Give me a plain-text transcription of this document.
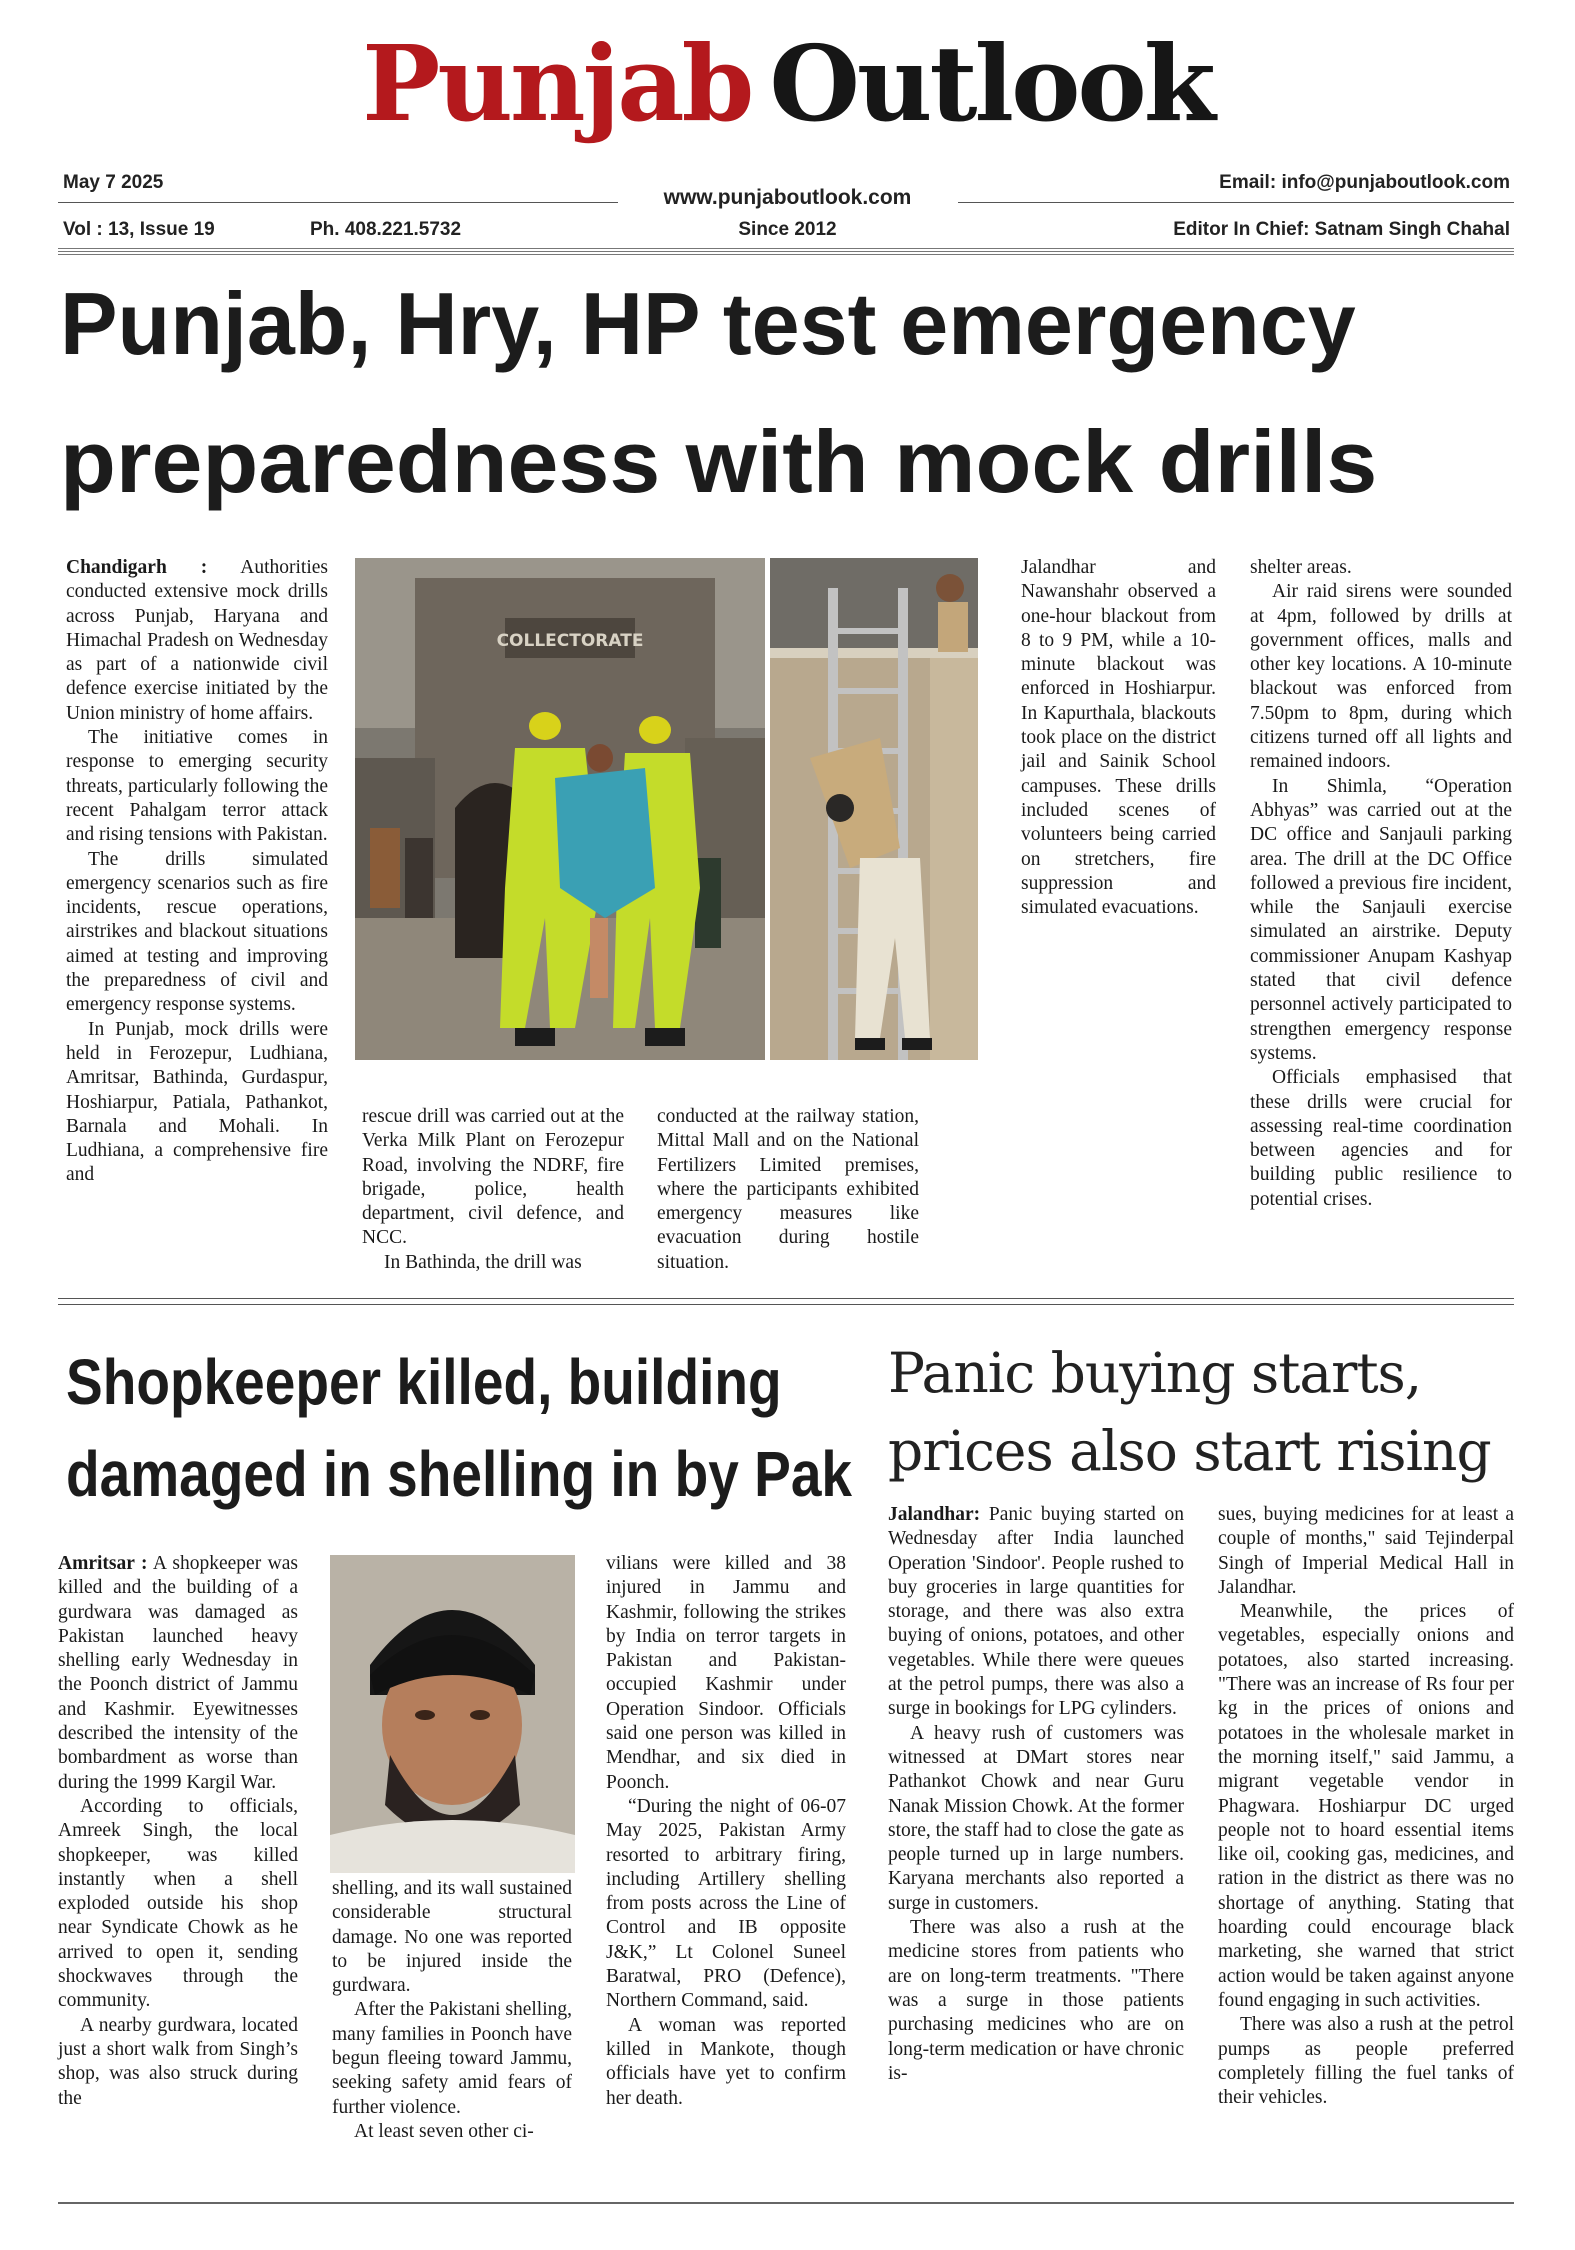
Punjab Outlook
May 7 2025
www.punjaboutlook.com
Email: info@punjaboutlook.com
Vol : 13, Issue 19	Ph. 408.221.5732	Since 2012	Editor In Chief: Satnam Singh Chahal
Punjab, Hry, HP test emergency
preparedness with mock drills
COLLECTORATE

Chandigarh : Authorities conducted extensive mock drills across Punjab, Haryana and Himachal Pradesh on Wednesday as part of a nationwide civil defence exercise initiated by the Union ministry of home affairs.

The initiative comes in response to emerging security threats, particularly following the recent Pahalgam terror attack and rising tensions with Pakistan.

The drills simulated emergency scenarios such as fire incidents, rescue operations, airstrikes and blackout situations aimed at testing and improving the preparedness of civil and emergency response systems.

In Punjab, mock drills were held in Ferozepur, Ludhiana, Amritsar, Bathinda, Gurdaspur, Hoshiarpur, Patiala, Pathankot, Barnala and Mohali. In Ludhiana, a comprehensive fire and

rescue drill was carried out at the Verka Milk Plant on Ferozepur Road, involving the NDRF, fire brigade, police, health department, civil defence, and NCC.

In Bathinda, the drill was

conducted at the railway station, Mittal Mall and on the National Fertilizers Limited premises, where the participants exhibited emergency measures like evacuation during hostile situation.

Jalandhar and Nawanshahr observed a one-hour blackout from 8 to 9 PM, while a 10-minute blackout was enforced in Hoshiarpur. In Kapurthala, blackouts took place on the district jail and Sainik School campuses. These drills included scenes of volunteers being carried on stretchers, fire suppression and simulated evacuations.

shelter areas.

Air raid sirens were sounded at 4pm, followed by drills at government offices, malls and other key locations. A 10-minute blackout was enforced from 7.50pm to 8pm, during which citizens turned off all lights and remained indoors.

In Shimla, “Operation Abhyas” was carried out at the DC office and Sanjauli parking area. The drill at the DC Office followed a previous fire incident, while the Sanjauli exercise simulated an airstrike. Deputy commissioner Anupam Kashyap stated that civil defence personnel actively participated to strengthen emergency response systems.

Officials emphasised that these drills were crucial for assessing real-time coordination between agencies and for building public resilience to potential crises.

Shopkeeper killed, building
damaged in shelling in by Pak

Amritsar : A shopkeeper was killed and the building of a gurdwara was damaged as Pakistan launched heavy shelling early Wednesday in the Poonch district of Jammu and Kashmir. Eyewitnesses described the intensity of the bombardment as worse than during the 1999 Kargil War.

According to officials, Amreek Singh, the local shopkeeper, was killed instantly when a shell exploded outside his shop near Syndicate Chowk as he arrived to open it, sending shockwaves through the community.

A nearby gurdwara, located just a short walk from Singh’s shop, was also struck during the

shelling, and its wall sustained considerable structural damage. No one was reported to be injured inside the gurdwara.

After the Pakistani shelling, many families in Poonch have begun fleeing toward Jammu, seeking safety amid fears of further violence.

At least seven other ci-

vilians were killed and 38 injured in Jammu and Kashmir, following the strikes by India on terror targets in Pakistan and Pakistan-occupied Kashmir under Operation Sindoor. Officials said one person was killed in Mendhar, and six died in Poonch.

“During the night of 06-07 May 2025, Pakistan Army resorted to arbitrary firing, including Artillery shelling from posts across the Line of Control and IB opposite J&K,” Lt Colonel Suneel Baratwal, PRO (Defence), Northern Command, said.

A woman was reported killed in Mankote, though officials have yet to confirm her death.

Panic buying starts,
prices also start rising

Jalandhar: Panic buying started on Wednesday after India launched Operation 'Sindoor'. People rushed to buy groceries in large quantities for storage, and there was also extra buying of onions, potatoes, and other vegetables. While there were queues at the petrol pumps, there was also a surge in bookings for LPG cylinders.

A heavy rush of customers was witnessed at DMart stores near Pathankot Chowk and near Guru Nanak Mission Chowk. At the former store, the staff had to close the gate as people turned up in large numbers. Karyana merchants also reported a surge in customers.

There was also a rush at the medicine stores from patients who are on long-term treatments. "There was a surge in those patients purchasing medicines who are on long-term medication or have chronic is-

sues, buying medicines for at least a couple of months," said Tejinderpal Singh of Imperial Medical Hall in Jalandhar.

Meanwhile, the prices of vegetables, especially onions and potatoes, also started increasing. "There was an increase of Rs four per kg in the prices of onions and potatoes in the wholesale market in the morning itself," said Jammu, a migrant vegetable vendor in Phagwara. Hoshiarpur DC urged people not to hoard essential items like oil, cooking gas, medicines, and ration in the district as there was no shortage of anything. Stating that hoarding could encourage black marketing, she warned that strict action would be taken against anyone found engaging in such activities.

There was also a rush at the petrol pumps as people preferred completely filling the fuel tanks of their vehicles.
